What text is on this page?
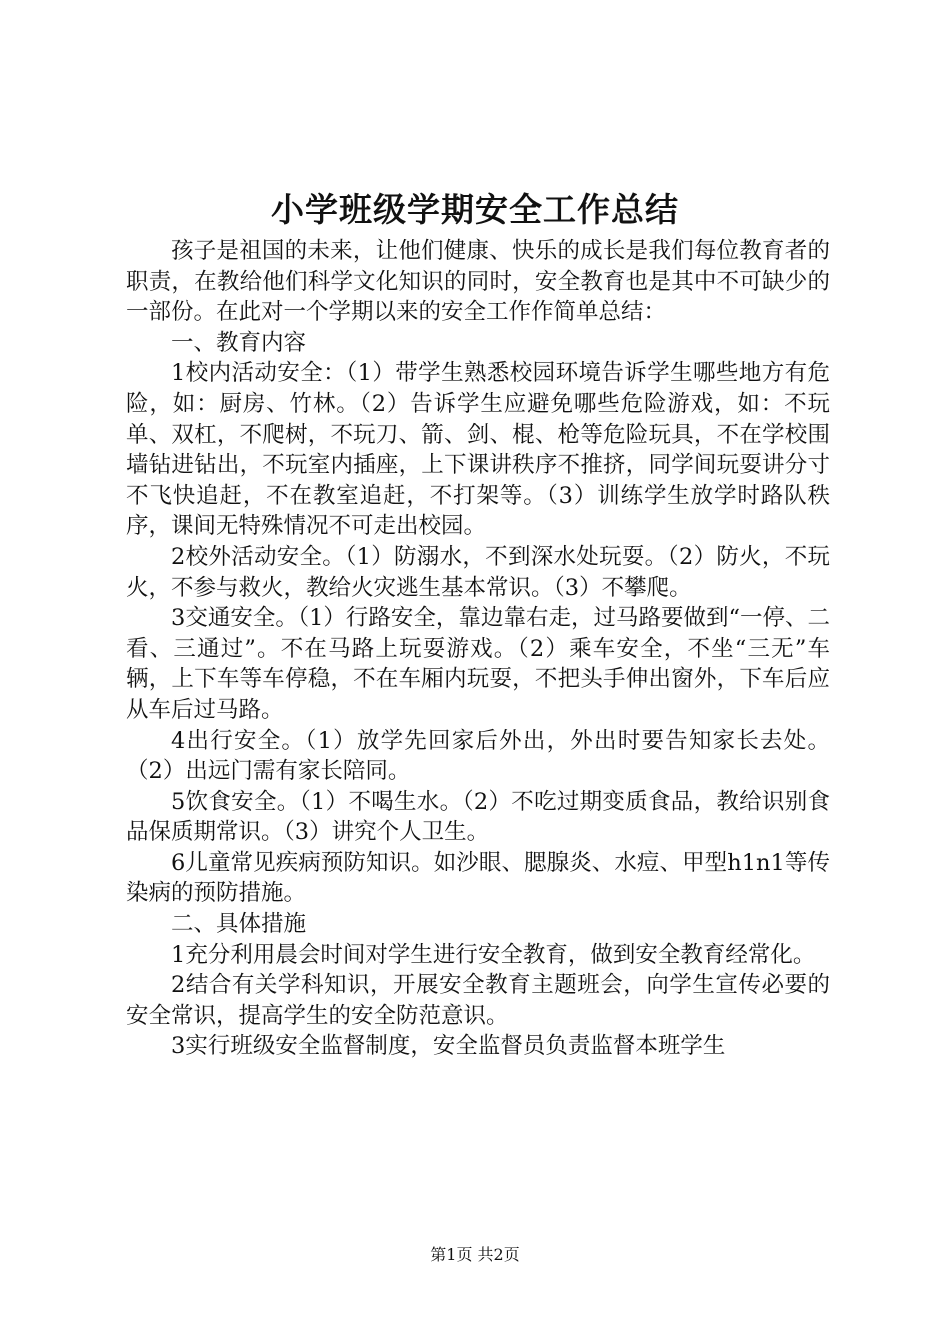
小学班级学期安全工作总结

孩子是祖国的未来，让他们健康、快乐的成长是我们每位教育者的职责，在教给他们科学文化知识的同时，安全教育也是其中不可缺少的一部份。在此对一个学期以来的安全工作作简单总结：

一、教育内容

1校内活动安全：（1）带学生熟悉校园环境告诉学生哪些地方有危险，如：厨房、竹林。（2）告诉学生应避免哪些危险游戏，如：不玩单、双杠，不爬树，不玩刀、箭、剑、棍、枪等危险玩具，不在学校围墙钻进钻出，不玩室内插座，上下课讲秩序不推挤，同学间玩耍讲分寸不飞快追赶，不在教室追赶，不打架等。（3）训练学生放学时路队秩序，课间无特殊情况不可走出校园。

2校外活动安全。（1）防溺水，不到深水处玩耍。（2）防火，不玩火，不参与救火，教给火灾逃生基本常识。（3）不攀爬。

3交通安全。（1）行路安全，靠边靠右走，过马路要做到“一停、二看、三通过”。不在马路上玩耍游戏。（2）乘车安全，不坐“三无”车辆，上下车等车停稳，不在车厢内玩耍，不把头手伸出窗外，下车后应从车后过马路。

4出行安全。（1）放学先回家后外出，外出时要告知家长去处。（2）出远门需有家长陪同。

5饮食安全。（1）不喝生水。（2）不吃过期变质食品，教给识别食品保质期常识。（3）讲究个人卫生。

6儿童常见疾病预防知识。如沙眼、腮腺炎、水痘、甲型h1n1等传染病的预防措施。

二、具体措施

1充分利用晨会时间对学生进行安全教育，做到安全教育经常化。

2结合有关学科知识，开展安全教育主题班会，向学生宣传必要的安全常识，提高学生的安全防范意识。

3实行班级安全监督制度，安全监督员负责监督本班学生

第1页 共2页
